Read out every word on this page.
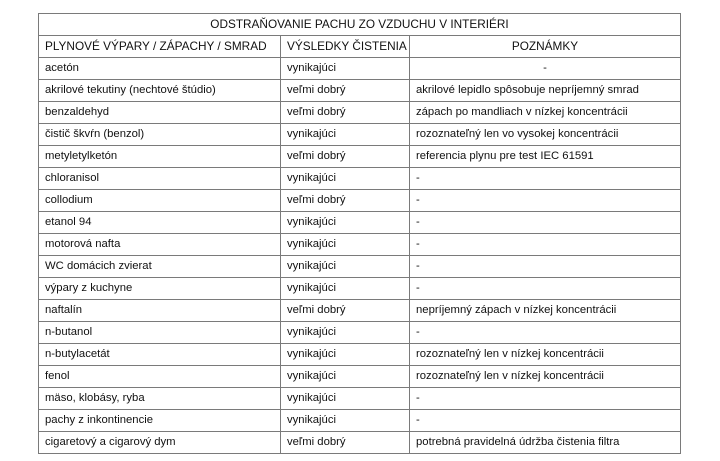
ODSTRAŇOVANIE PACHU ZO VZDUCHU V INTERIÉRI		
PLYNOVÉ VÝPARY / ZÁPACHY / SMRAD	VÝSLEDKY ČISTENIA	POZNÁMKY
acetón	vynikajúci	-
akrilové tekutiny (nechtové štúdio)	veľmi dobrý	akrilové lepidlo spôsobuje nepríjemný smrad
benzaldehyd	veľmi dobrý	zápach po mandliach v nízkej koncentrácii
čistič škvŕn (benzol)	vynikajúci	rozoznateľný len vo vysokej koncentrácii
metyletylketón	veľmi dobrý	referencia plynu pre test IEC 61591
chloranisol	vynikajúci	-
collodium	veľmi dobrý	-
etanol 94	vynikajúci	-
motorová nafta	vynikajúci	-
WC domácich zvierat	vynikajúci	-
výpary z kuchyne	vynikajúci	-
naftalín	veľmi dobrý	nepríjemný zápach v nízkej koncentrácii
n-butanol	vynikajúci	-
n-butylacetát	vynikajúci	rozoznateľný len v nízkej koncentrácii
fenol	vynikajúci	rozoznateľný len v nízkej koncentrácii
mäso, klobásy, ryba	vynikajúci	-
pachy z inkontinencie	vynikajúci	-
cigaretový a cigarový dym	veľmi dobrý	potrebná pravidelná údržba čistenia filtra
